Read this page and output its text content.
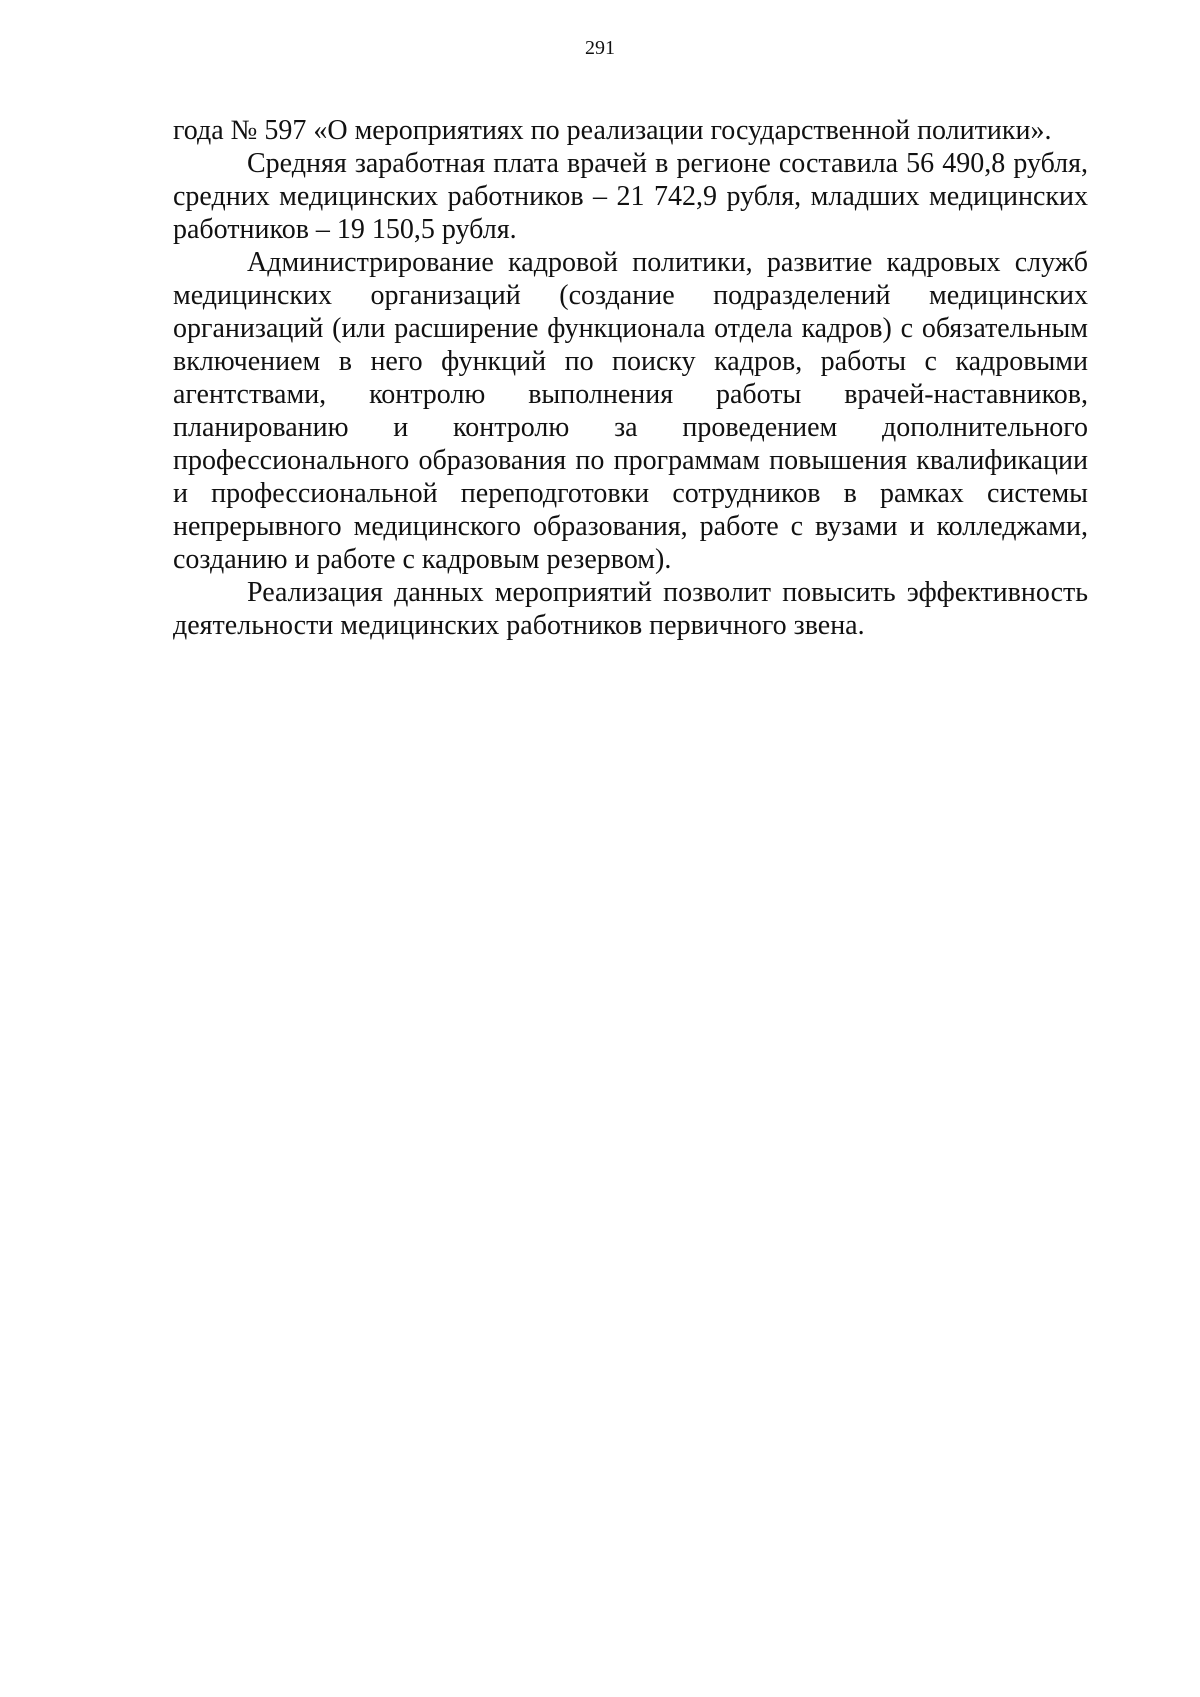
291

года № 597 «О мероприятиях по реализации государственной политики».

Средняя заработная плата врачей в регионе составила 56 490,8 рубля, средних медицинских работников – 21 742,9 рубля, младших медицинских работников – 19 150,5 рубля.

Администрирование кадровой политики, развитие кадровых служб медицинских организаций (создание подразделений медицинских организаций (или расширение функционала отдела кадров) с обязательным включением в него функций по поиску кадров, работы с кадровыми агентствами, контролю выполнения работы врачей-наставников, планированию и контролю за проведением дополнительного профессионального образования по программам повышения квалификации и профессиональной переподготовки сотрудников в рамках системы непрерывного медицинского образования, работе с вузами и колледжами, созданию и работе с кадровым резервом).

Реализация данных мероприятий позволит повысить эффективность деятельности медицинских работников первичного звена.
